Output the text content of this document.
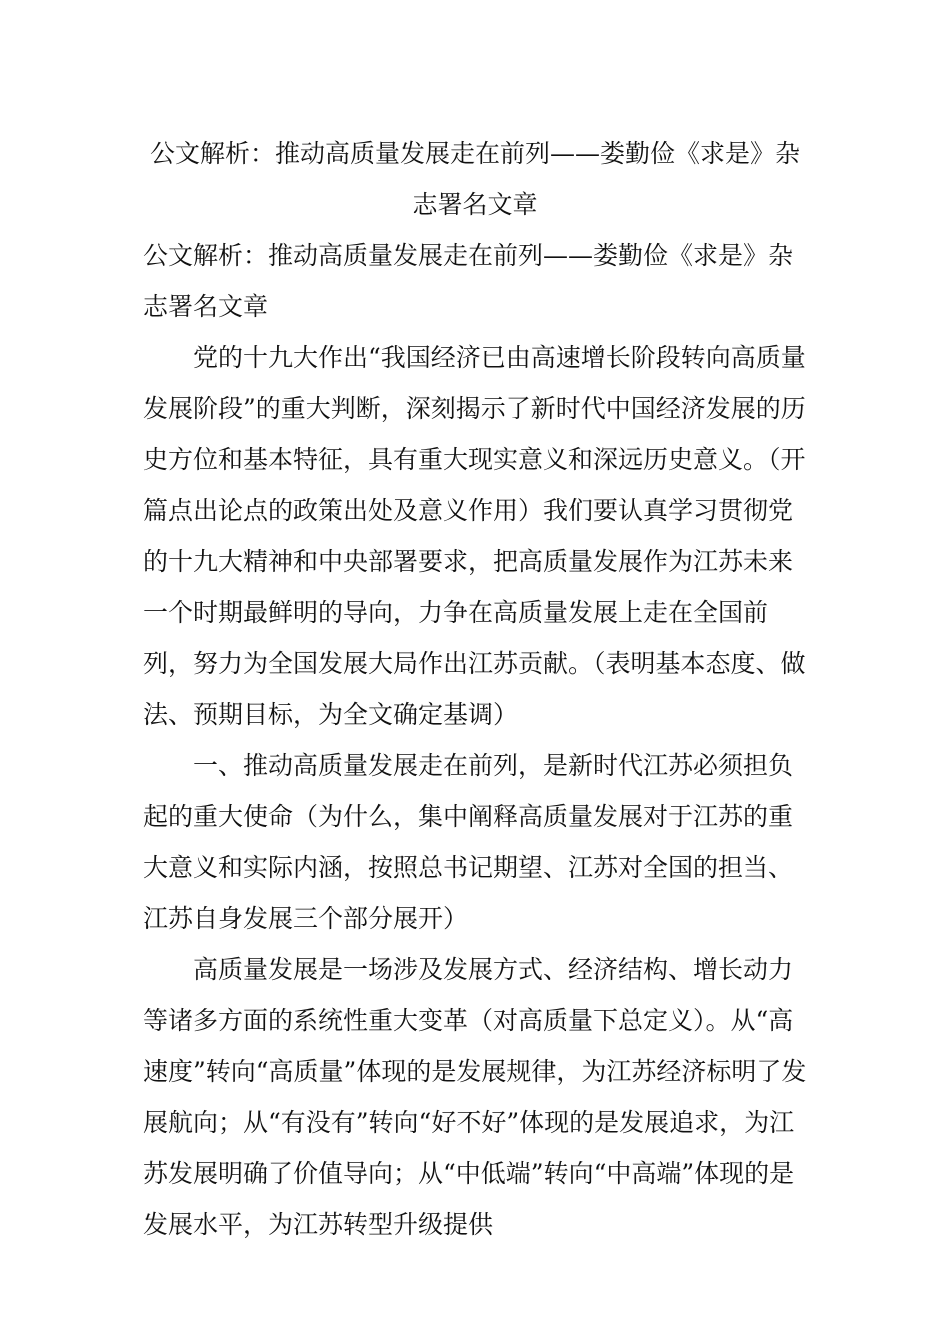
公文解析：推动高质量发展走在前列——娄勤俭《求是》杂志署名文章

公文解析：推动高质量发展走在前列——娄勤俭《求是》杂志署名文章

党的十九大作出“我国经济已由高速增长阶段转向高质量发展阶段”的重大判断，深刻揭示了新时代中国经济发展的历史方位和基本特征，具有重大现实意义和深远历史意义。（开篇点出论点的政策出处及意义作用）我们要认真学习贯彻党的十九大精神和中央部署要求，把高质量发展作为江苏未来一个时期最鲜明的导向，力争在高质量发展上走在全国前列，努力为全国发展大局作出江苏贡献。（表明基本态度、做法、预期目标，为全文确定基调）

一、推动高质量发展走在前列，是新时代江苏必须担负起的重大使命（为什么，集中阐释高质量发展对于江苏的重大意义和实际内涵，按照总书记期望、江苏对全国的担当、江苏自身发展三个部分展开）

高质量发展是一场涉及发展方式、经济结构、增长动力等诸多方面的系统性重大变革（对高质量下总定义）。从“高速度”转向“高质量”体现的是发展规律，为江苏经济标明了发展航向；从“有没有”转向“好不好”体现的是发展追求，为江苏发展明确了价值导向；从“中低端”转向“中高端”体现的是发展水平，为江苏转型升级提供
